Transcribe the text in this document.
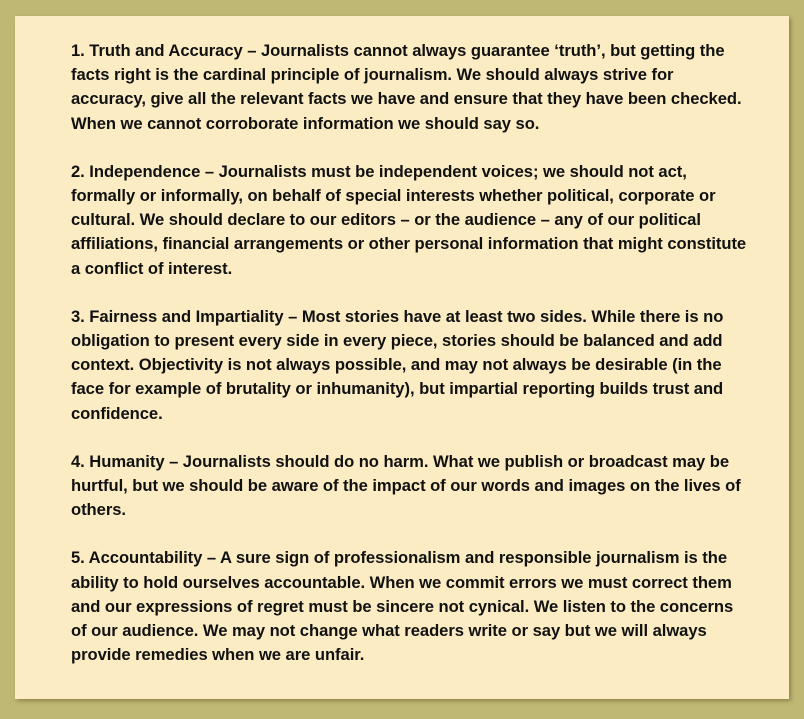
1. Truth and Accuracy – Journalists cannot always guarantee ‘truth’, but getting the facts right is the cardinal principle of journalism. We should always strive for accuracy, give all the relevant facts we have and ensure that they have been checked. When we cannot corroborate information we should say so.

2. Independence – Journalists must be independent voices; we should not act, formally or informally, on behalf of special interests whether political, corporate or cultural. We should declare to our editors – or the audience – any of our political affiliations, financial arrangements or other personal information that might constitute a conflict of interest.

3. Fairness and Impartiality – Most stories have at least two sides. While there is no obligation to present every side in every piece, stories should be balanced and add context. Objectivity is not always possible, and may not always be desirable (in the face for example of brutality or inhumanity), but impartial reporting builds trust and confidence.

4. Humanity – Journalists should do no harm. What we publish or broadcast may be hurtful, but we should be aware of the impact of our words and images on the lives of others.

5. Accountability – A sure sign of professionalism and responsible journalism is the ability to hold ourselves accountable. When we commit errors we must correct them and our expressions of regret must be sincere not cynical. We listen to the concerns of our audience. We may not change what readers write or say but we will always provide remedies when we are unfair.
